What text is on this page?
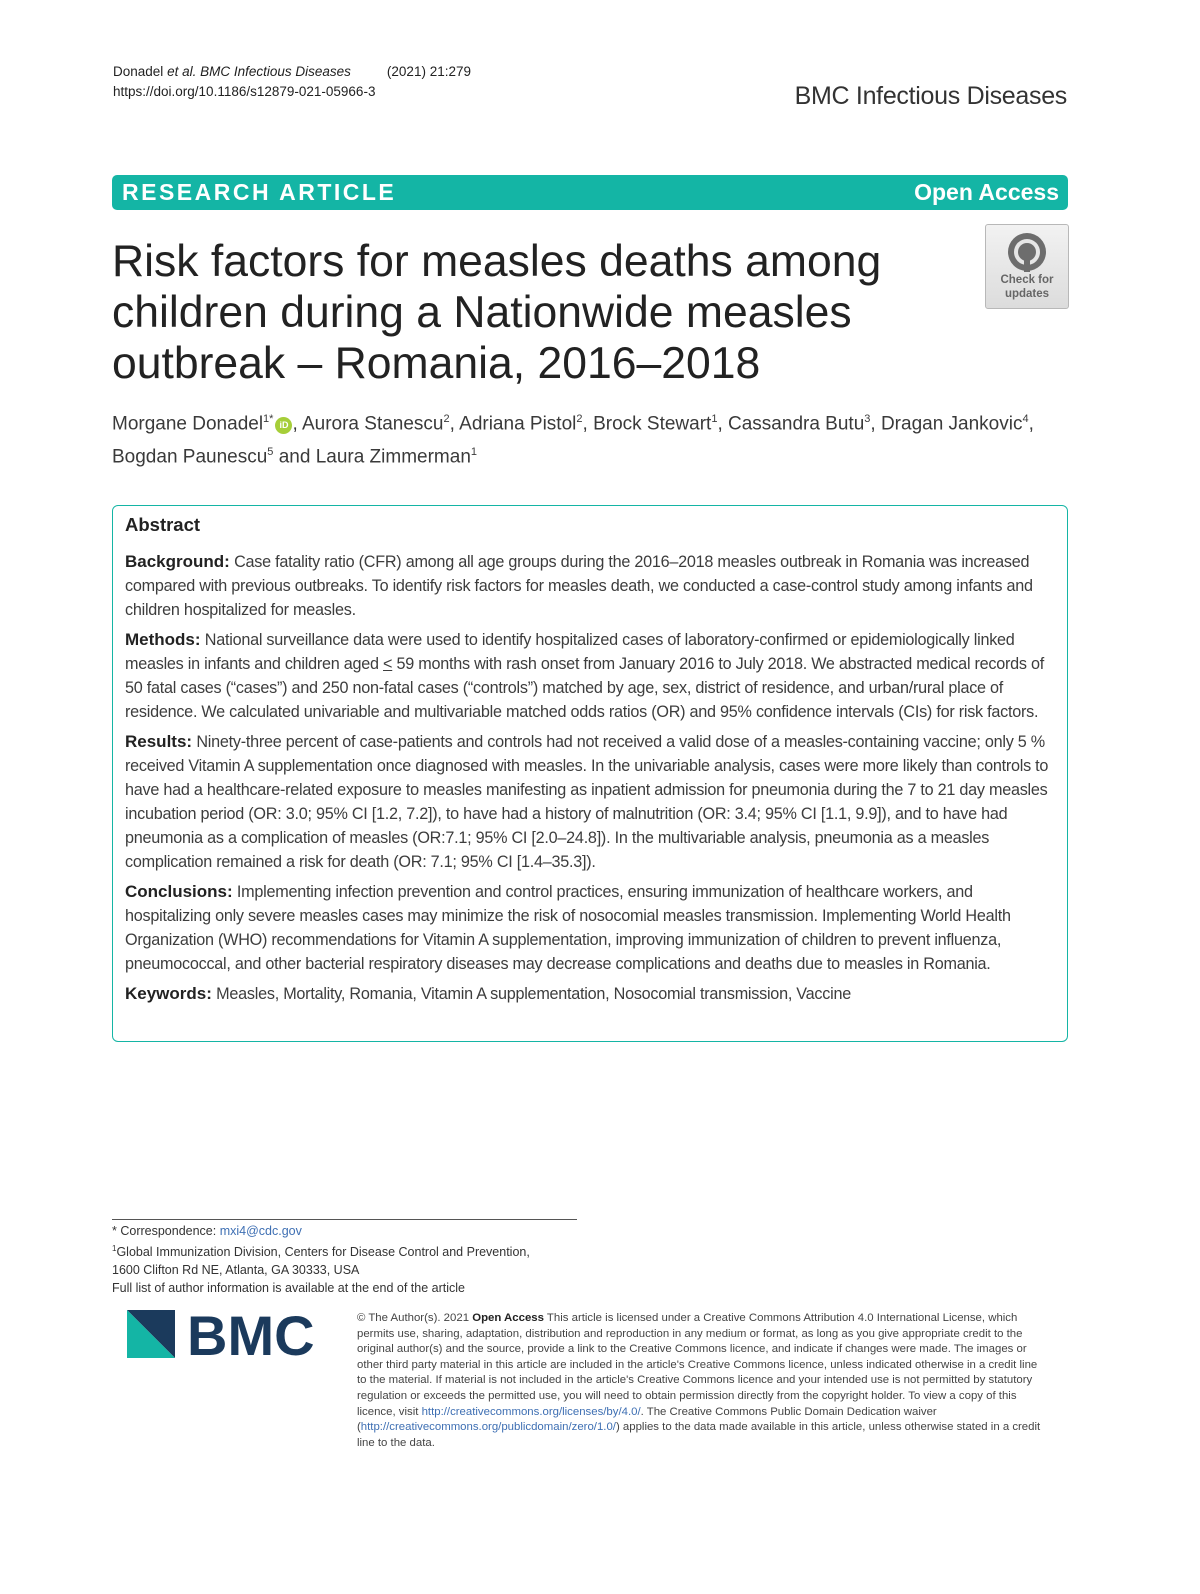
Donadel et al. BMC Infectious Diseases	(2021) 21:279
https://doi.org/10.1186/s12879-021-05966-3	BMC Infectious Diseases
RESEARCH ARTICLE	Open Access
Risk factors for measles deaths among children during a Nationwide measles outbreak – Romania, 2016–2018
Check for
updates
Morgane Donadel$^{1*}$iD , Aurora Stanescu$^2$, Adriana Pistol$^2$, Brock Stewart$^1$, Cassandra Butu$^3$, Dragan Jankovic$^4$,
Bogdan Paunescu$^5$ and Laura Zimmerman$^1$
Abstract

Background: Case fatality ratio (CFR) among all age groups during the 2016–2018 measles outbreak in Romania was increased compared with previous outbreaks. To identify risk factors for measles death, we conducted a case-control study among infants and children hospitalized for measles.

Methods: National surveillance data were used to identify hospitalized cases of laboratory-confirmed or epidemiologically linked measles in infants and children aged < 59 months with rash onset from January 2016 to July 2018. We abstracted medical records of 50 fatal cases (“cases”) and 250 non-fatal cases (“controls”) matched by age, sex, district of residence, and urban/rural place of residence. We calculated univariable and multivariable matched odds ratios (OR) and 95% confidence intervals (CIs) for risk factors.

Results: Ninety-three percent of case-patients and controls had not received a valid dose of a measles-containing vaccine; only 5 % received Vitamin A supplementation once diagnosed with measles. In the univariable analysis, cases were more likely than controls to have had a healthcare-related exposure to measles manifesting as inpatient admission for pneumonia during the 7 to 21 day measles incubation period (OR: 3.0; 95% CI [1.2, 7.2]), to have had a history of malnutrition (OR: 3.4; 95% CI [1.1, 9.9]), and to have had pneumonia as a complication of measles (OR:7.1; 95% CI [2.0–24.8]). In the multivariable analysis, pneumonia as a measles complication remained a risk for death (OR: 7.1; 95% CI [1.4–35.3]).

Conclusions: Implementing infection prevention and control practices, ensuring immunization of healthcare workers, and hospitalizing only severe measles cases may minimize the risk of nosocomial measles transmission. Implementing World Health Organization (WHO) recommendations for Vitamin A supplementation, improving immunization of children to prevent influenza, pneumococcal, and other bacterial respiratory diseases may decrease complications and deaths due to measles in Romania.

Keywords: Measles, Mortality, Romania, Vitamin A supplementation, Nosocomial transmission, Vaccine

* Correspondence: mxi4@cdc.gov
$^1$Global Immunization Division, Centers for Disease Control and Prevention,
1600 Clifton Rd NE, Atlanta, GA 30333, USA
Full list of author information is available at the end of the article
BMC	© The Author(s). 2021 Open Access This article is licensed under a Creative Commons Attribution 4.0 International License, which permits use, sharing, adaptation, distribution and reproduction in any medium or format, as long as you give appropriate credit to the original author(s) and the source, provide a link to the Creative Commons licence, and indicate if changes were made. The images or other third party material in this article are included in the article's Creative Commons licence, unless indicated otherwise in a credit line to the material. If material is not included in the article's Creative Commons licence and your intended use is not permitted by statutory regulation or exceeds the permitted use, you will need to obtain permission directly from the copyright holder. To view a copy of this licence, visit http://creativecommons.org/licenses/by/4.0/. The Creative Commons Public Domain Dedication waiver (http://creativecommons.org/publicdomain/zero/1.0/) applies to the data made available in this article, unless otherwise stated in a credit line to the data.
